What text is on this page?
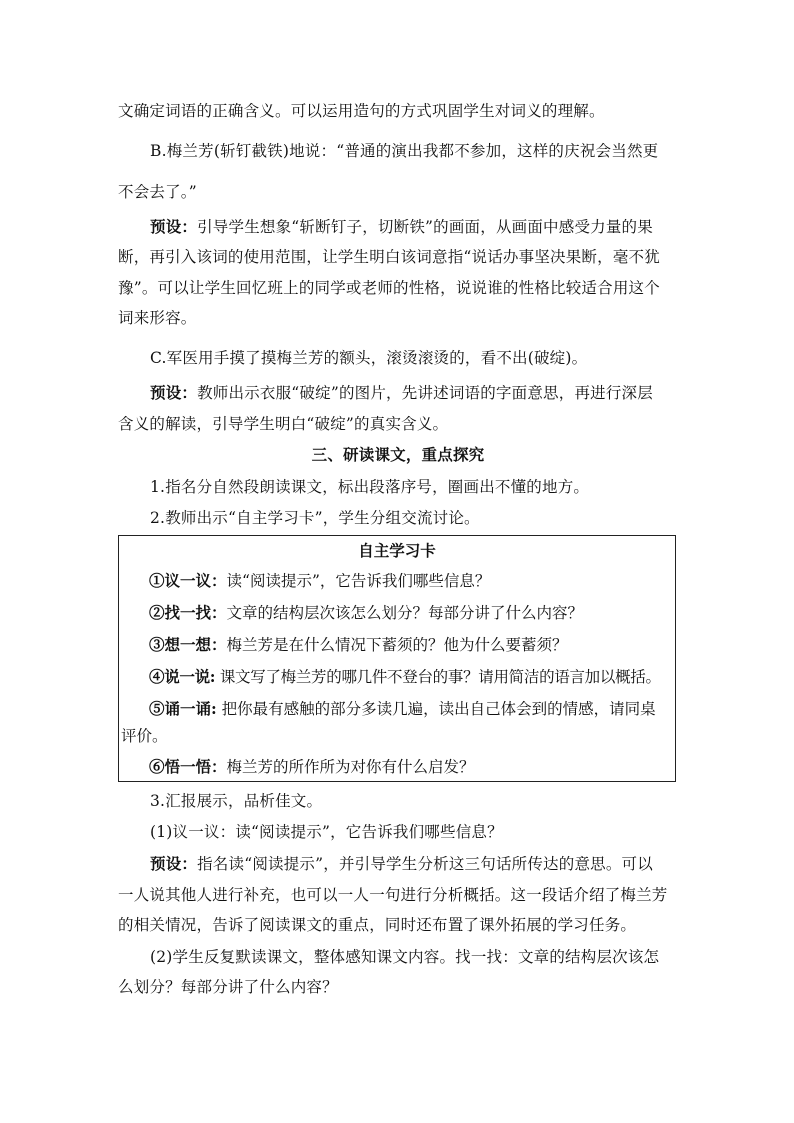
文确定词语的正确含义。可以运用造句的方式巩固学生对词义的理解。
B.梅兰芳(斩钉截铁)地说：“普通的演出我都不参加，这样的庆祝会当然更
不会去了。”
预设：引导学生想象“斩断钉子，切断铁”的画面，从画面中感受力量的果
断，再引入该词的使用范围，让学生明白该词意指“说话办事坚决果断，毫不犹
豫”。可以让学生回忆班上的同学或老师的性格，说说谁的性格比较适合用这个
词来形容。
C.军医用手摸了摸梅兰芳的额头，滚烫滚烫的，看不出(破绽)。
预设：教师出示衣服“破绽”的图片，先讲述词语的字面意思，再进行深层
含义的解读，引导学生明白“破绽”的真实含义。
三、研读课文，重点探究
1.指名分自然段朗读课文，标出段落序号，圈画出不懂的地方。
2.教师出示“自主学习卡”，学生分组交流讨论。
自主学习卡
①议一议：读“阅读提示”，它告诉我们哪些信息？
②找一找：文章的结构层次该怎么划分？每部分讲了什么内容？
③想一想：梅兰芳是在什么情况下蓄须的？他为什么要蓄须？
④说一说: 课文写了梅兰芳的哪几件不登台的事？请用简洁的语言加以概括。
⑤诵一诵: 把你最有感触的部分多读几遍，读出自己体会到的情感，请同桌
评价。
⑥悟一悟：梅兰芳的所作所为对你有什么启发？
3.汇报展示，品析佳文。
(1)议一议：读“阅读提示”，它告诉我们哪些信息？
预设：指名读“阅读提示”，并引导学生分析这三句话所传达的意思。可以
一人说其他人进行补充，也可以一人一句进行分析概括。这一段话介绍了梅兰芳
的相关情况，告诉了阅读课文的重点，同时还布置了课外拓展的学习任务。
(2)学生反复默读课文，整体感知课文内容。找一找：文章的结构层次该怎
么划分？每部分讲了什么内容？
